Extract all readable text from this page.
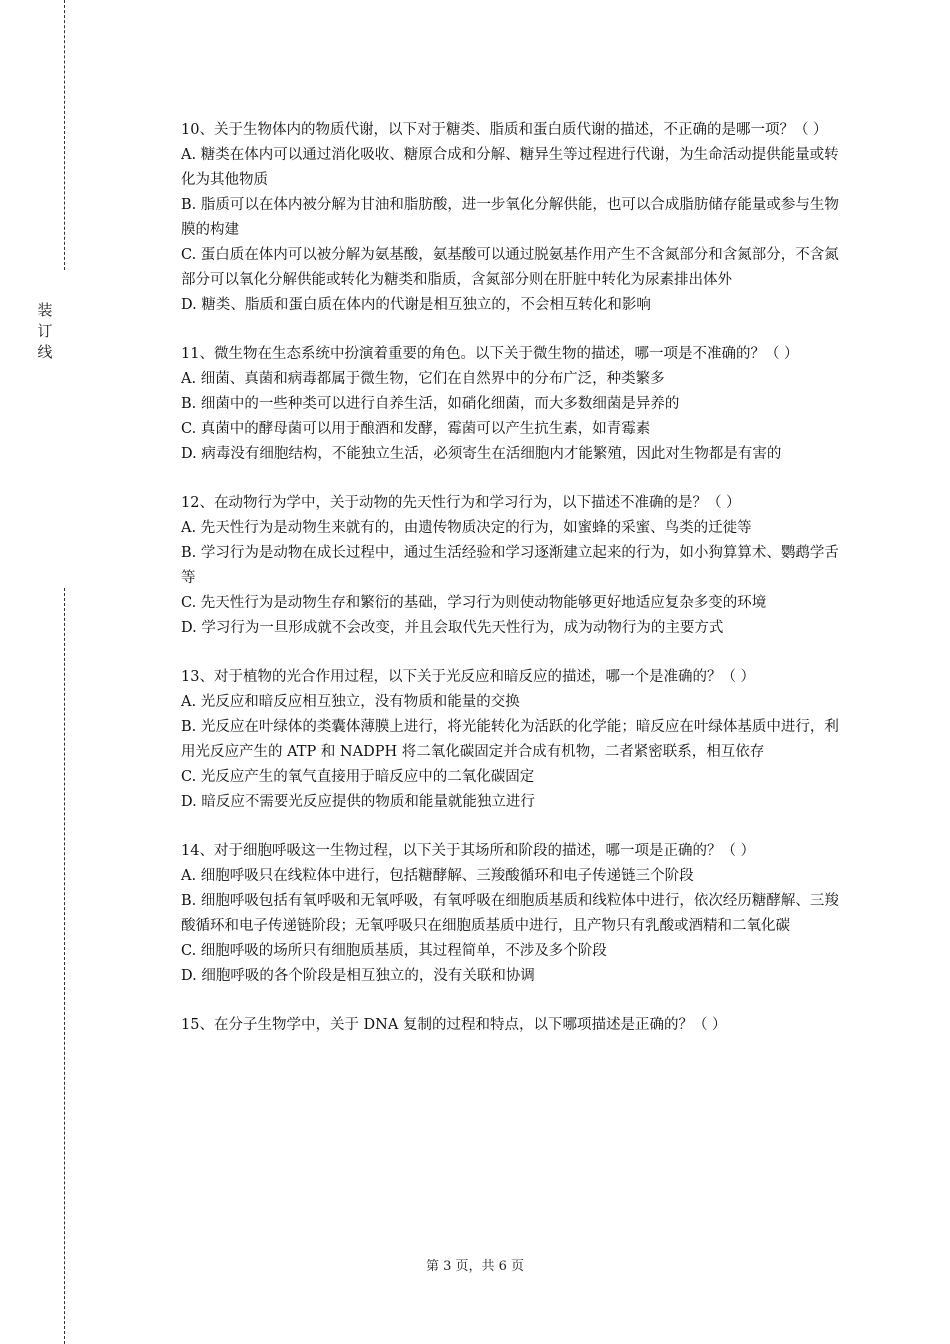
装
订
线

10、关于生物体内的物质代谢，以下对于糖类、脂质和蛋白质代谢的描述，不正确的是哪一项？（ ）

A. 糖类在体内可以通过消化吸收、糖原合成和分解、糖异生等过程进行代谢，为生命活动提供能量或转化为其他物质

B. 脂质可以在体内被分解为甘油和脂肪酸，进一步氧化分解供能，也可以合成脂肪储存能量或参与生物膜的构建

C. 蛋白质在体内可以被分解为氨基酸，氨基酸可以通过脱氨基作用产生不含氮部分和含氮部分，不含氮部分可以氧化分解供能或转化为糖类和脂质，含氮部分则在肝脏中转化为尿素排出体外

D. 糖类、脂质和蛋白质在体内的代谢是相互独立的，不会相互转化和影响

11、微生物在生态系统中扮演着重要的角色。以下关于微生物的描述，哪一项是不准确的？（ ）

A. 细菌、真菌和病毒都属于微生物，它们在自然界中的分布广泛，种类繁多

B. 细菌中的一些种类可以进行自养生活，如硝化细菌，而大多数细菌是异养的

C. 真菌中的酵母菌可以用于酿酒和发酵，霉菌可以产生抗生素，如青霉素

D. 病毒没有细胞结构，不能独立生活，必须寄生在活细胞内才能繁殖，因此对生物都是有害的

12、在动物行为学中，关于动物的先天性行为和学习行为，以下描述不准确的是？（ ）

A. 先天性行为是动物生来就有的，由遗传物质决定的行为，如蜜蜂的采蜜、鸟类的迁徙等

B. 学习行为是动物在成长过程中，通过生活经验和学习逐渐建立起来的行为，如小狗算算术、鹦鹉学舌等

C. 先天性行为是动物生存和繁衍的基础，学习行为则使动物能够更好地适应复杂多变的环境

D. 学习行为一旦形成就不会改变，并且会取代先天性行为，成为动物行为的主要方式

13、对于植物的光合作用过程，以下关于光反应和暗反应的描述，哪一个是准确的？（ ）

A. 光反应和暗反应相互独立，没有物质和能量的交换

B. 光反应在叶绿体的类囊体薄膜上进行，将光能转化为活跃的化学能；暗反应在叶绿体基质中进行，利用光反应产生的 ATP 和 NADPH 将二氧化碳固定并合成有机物，二者紧密联系，相互依存

C. 光反应产生的氧气直接用于暗反应中的二氧化碳固定

D. 暗反应不需要光反应提供的物质和能量就能独立进行

14、对于细胞呼吸这一生物过程，以下关于其场所和阶段的描述，哪一项是正确的？（ ）

A. 细胞呼吸只在线粒体中进行，包括糖酵解、三羧酸循环和电子传递链三个阶段

B. 细胞呼吸包括有氧呼吸和无氧呼吸，有氧呼吸在细胞质基质和线粒体中进行，依次经历糖酵解、三羧酸循环和电子传递链阶段；无氧呼吸只在细胞质基质中进行，且产物只有乳酸或酒精和二氧化碳

C. 细胞呼吸的场所只有细胞质基质，其过程简单，不涉及多个阶段

D. 细胞呼吸的各个阶段是相互独立的，没有关联和协调

15、在分子生物学中，关于 DNA 复制的过程和特点，以下哪项描述是正确的？（ ）

第 3 页，共 6 页
